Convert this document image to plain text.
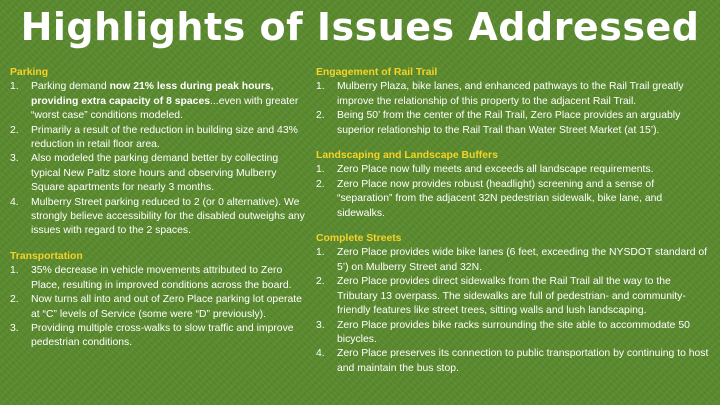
Highlights of Issues Addressed
Parking
1.	Parking demand now 21% less during peak hours, providing extra capacity of 8 spaces...even with greater “worst case” conditions modeled.
2.	Primarily a result of the reduction in building size and 43% reduction in retail floor area.
3.	Also modeled the parking demand better by collecting typical New Paltz store hours and observing Mulberry Square apartments for nearly 3 months.
4.	Mulberry Street parking reduced to 2 (or 0 alternative). We strongly believe accessibility for the disabled outweighs any issues with regard to the 2 spaces.
Transportation
1.	35% decrease in vehicle movements attributed to Zero Place, resulting in improved conditions across the board.
2.	Now turns all into and out of Zero Place parking lot operate at “C” levels of Service (some were “D” previously).
3.	Providing multiple cross-walks to slow traffic and improve pedestrian conditions.
Engagement of Rail Trail
1.	Mulberry Plaza, bike lanes, and enhanced pathways to the Rail Trail greatly improve the relationship of this property to the adjacent Rail Trail.
2.	Being 50’ from the center of the Rail Trail, Zero Place provides an arguably superior relationship to the Rail Trail than Water Street Market (at 15’).
Landscaping and Landscape Buffers
1.	Zero Place now fully meets and exceeds all landscape requirements.
2.	Zero Place now provides robust (headlight) screening and a sense of “separation” from the adjacent 32N pedestrian sidewalk, bike lane, and sidewalks.
Complete Streets
1.	Zero Place provides wide bike lanes (6 feet, exceeding the NYSDOT standard of 5’) on Mulberry Street and 32N.
2.	Zero Place provides direct sidewalks from the Rail Trail all the way to the Tributary 13 overpass. The sidewalks are full of pedestrian- and community-friendly features like street trees, sitting walls and lush landscaping.
3.	Zero Place provides bike racks surrounding the site able to accommodate 50 bicycles.
4.	Zero Place preserves its connection to public transportation by continuing to host and maintain the bus stop.
